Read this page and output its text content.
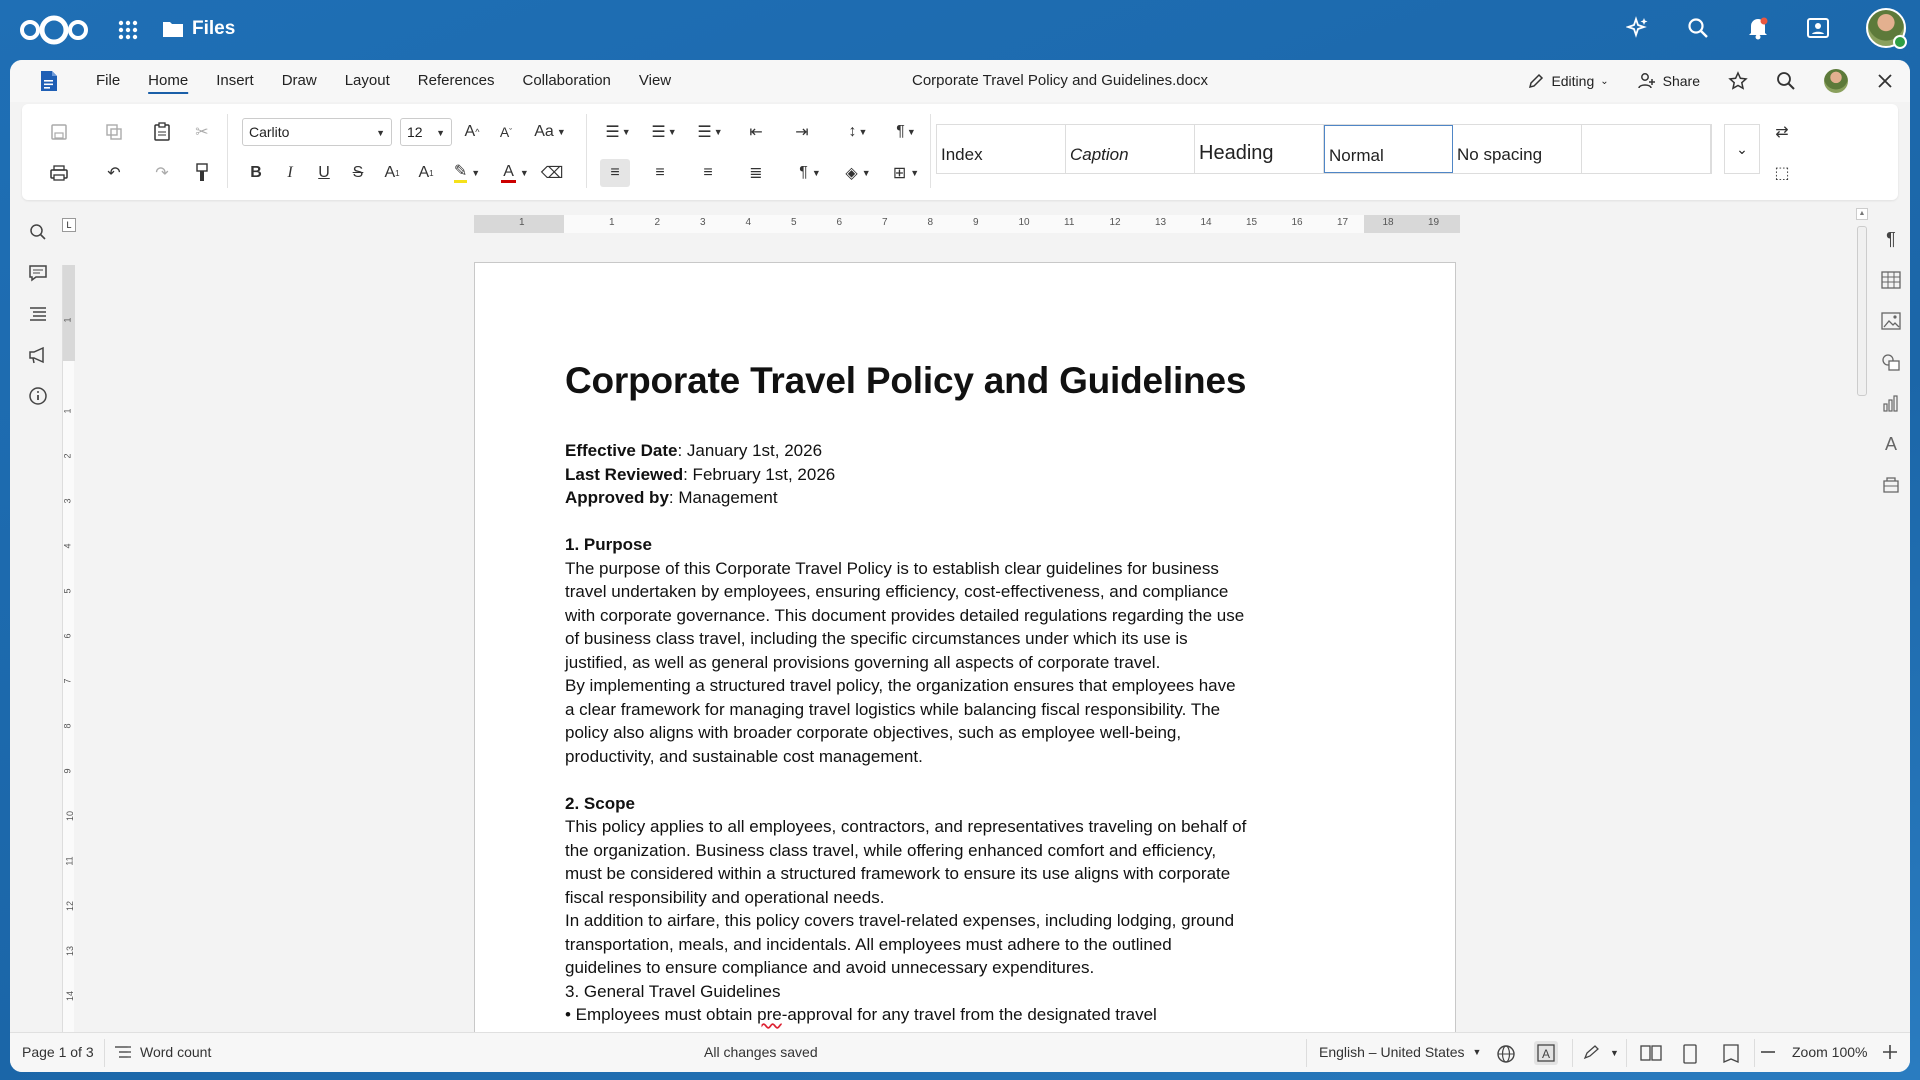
Files
File	Home	Insert	Draw	Layout	References	Collaboration	View	Corporate Travel Policy and Guidelines.docx	Editing ⌄	Share
✂	Carlito	▼	12 ▼ A ^	A ˇ Aa ▼	☰ ▼	☰ ▼	☰ ▼	⇤	⇥	↕ ▼	¶ ▼
↶	↷	B	I	U	S	A 1 A 1 ✎ ▼ A ▼ ⌫	≡	≡	≡	≣	¶ ▼	◈ ▼	⊞ ▼
Index	Caption	Heading	Normal	No spacing	⌄
⇄
⬚
L	1	1	2	3	4	5	6	7	8	9	10	11	12	13	14	15	16	17	18	19
1
1
2
3
4
5
6
7
8
9
10
11
12
13
14
Corporate Travel Policy and Guidelines
Effective Date: January 1st, 2026
Last Reviewed: February 1st, 2026
Approved by: Management
1. Purpose
The purpose of this Corporate Travel Policy is to establish clear guidelines for business
travel undertaken by employees, ensuring efficiency, cost-effectiveness, and compliance
with corporate governance. This document provides detailed regulations regarding the use
of business class travel, including the specific circumstances under which its use is
justified, as well as general provisions governing all aspects of corporate travel.
By implementing a structured travel policy, the organization ensures that employees have
a clear framework for managing travel logistics while balancing fiscal responsibility. The
policy also aligns with broader corporate objectives, such as employee well-being,
productivity, and sustainable cost management.
2. Scope
This policy applies to all employees, contractors, and representatives traveling on behalf of
the organization. Business class travel, while offering enhanced comfort and efficiency,
must be considered within a structured framework to ensure its use aligns with corporate
fiscal responsibility and operational needs.
In addition to airfare, this policy covers travel-related expenses, including lodging, ground
transportation, meals, and incidentals. All employees must adhere to the outlined
guidelines to ensure compliance and avoid unnecessary expenditures.
3. General Travel Guidelines
• Employees must obtain pre-approval for any travel from the designated travel
▲
¶
A
Page 1 of 3	Word count	All changes saved	English – United States ▼	A	▼	Zoom 100%
